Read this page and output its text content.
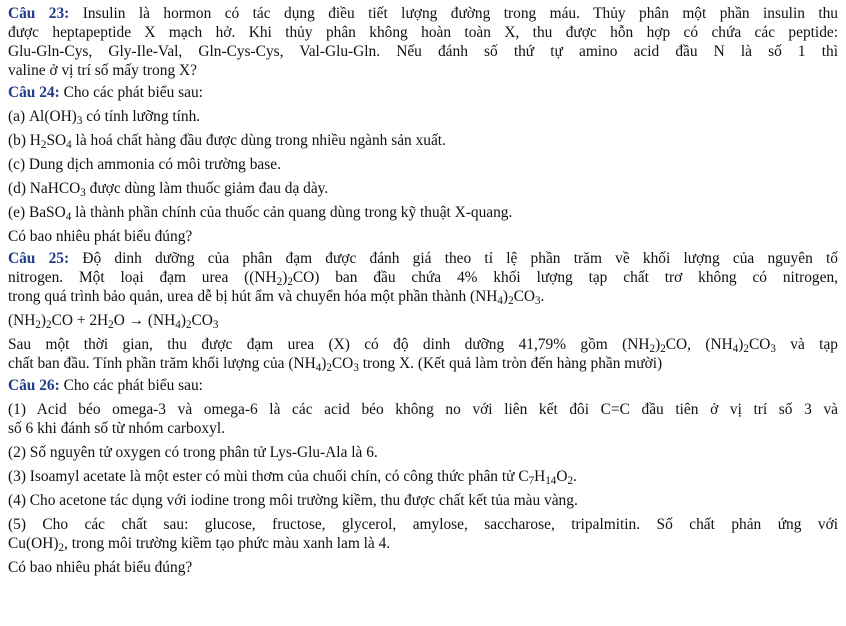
Câu 23: Insulin là hormon có tác dụng điều tiết lượng đường trong máu. Thủy phân một phần insulin thu
được heptapeptide X mạch hở. Khi thủy phân không hoàn toàn X, thu được hỗn hợp có chứa các peptide:
Glu-Gln-Cys, Gly-Ile-Val, Gln-Cys-Cys, Val-Glu-Gln. Nếu đánh số thứ tự amino acid đầu N là số 1 thì
valine ở vị trí số mấy trong X?
Câu 24: Cho các phát biểu sau:
(a) $Al(OH)_3$ có tính lưỡng tính.
(b) $H_2SO_4$ là hoá chất hàng đầu được dùng trong nhiều ngành sản xuất.
(c) Dung dịch ammonia có môi trường base.
(d) NaHCO$_3$ được dùng làm thuốc giảm đau dạ dày.
(e) BaSO$_4$ là thành phần chính của thuốc cản quang dùng trong kỹ thuật X-quang.
Có bao nhiêu phát biểu đúng?
Câu 25: Độ dinh dưỡng của phân đạm được đánh giá theo tỉ lệ phần trăm về khối lượng của nguyên tố
nitrogen. Một loại đạm urea $((NH_2)_2CO)$ ban đầu chứa 4% khối lượng tạp chất trơ không có nitrogen,
trong quá trình bảo quản, urea dễ bị hút ẩm và chuyển hóa một phần thành $(NH_4)_2CO_3$.
$(NH_2)_2CO + 2H_2O \to (NH_4)_2CO_3$
Sau một thời gian, thu được đạm urea (X) có độ dinh dưỡng 41,79% gồm $(NH_2)_2CO$, $(NH_4)_2CO_3$ và tạp
chất ban đầu. Tính phần trăm khối lượng của $(NH_4)_2CO_3$ trong X. (Kết quả làm tròn đến hàng phần mười)
Câu 26: Cho các phát biểu sau:
(1) Acid béo omega-3 và omega-6 là các acid béo không no với liên kết đôi C=C đầu tiên ở vị trí số 3 và
số 6 khi đánh số từ nhóm carboxyl.
(2) Số nguyên tử oxygen có trong phân tử Lys-Glu-Ala là 6.
(3) Isoamyl acetate là một ester có mùi thơm của chuối chín, có công thức phân tử $C_7H_{14}O_2$.
(4) Cho acetone tác dụng với iodine trong môi trường kiềm, thu được chất kết tủa màu vàng.
(5) Cho các chất sau: glucose, fructose, glycerol, amylose, saccharose, tripalmitin. Số chất phản ứng với
$Cu(OH)_2$, trong môi trường kiềm tạo phức màu xanh lam là 4.
Có bao nhiêu phát biểu đúng?
